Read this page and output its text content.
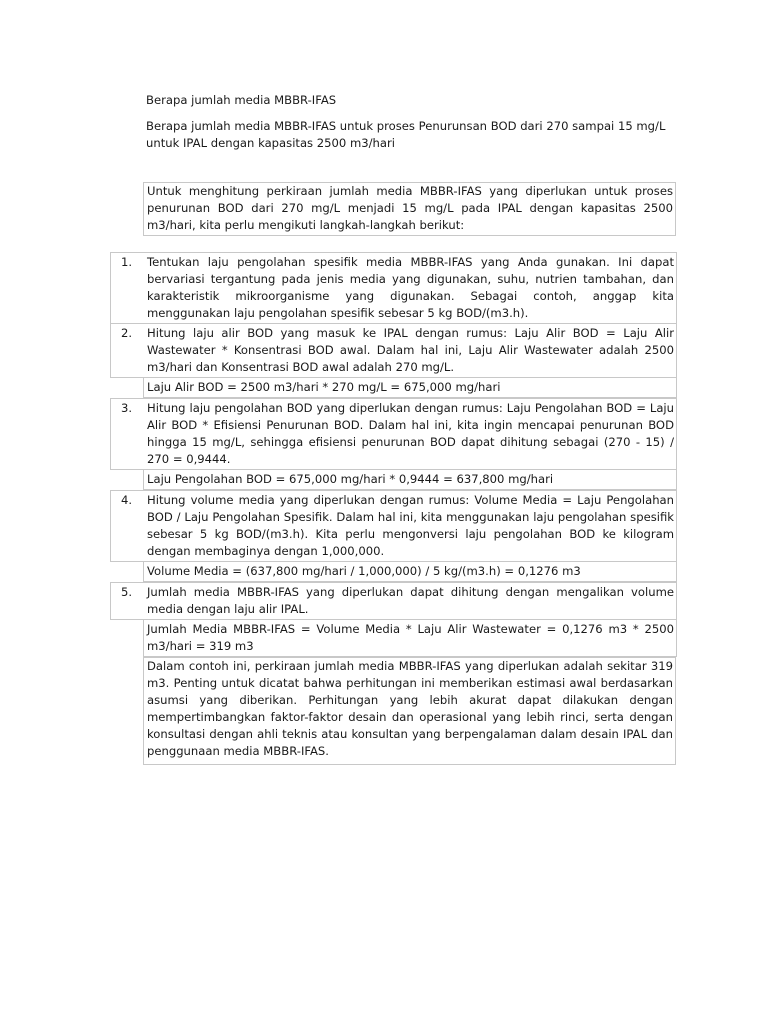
Berapa jumlah media MBBR-IFAS
Berapa jumlah media MBBR-IFAS untuk proses Penurunsan BOD dari 270 sampai 15 mg/L untuk IPAL dengan kapasitas 2500 m3/hari

Untuk menghitung perkiraan jumlah media MBBR-IFAS yang diperlukan untuk proses penurunan BOD dari 270 mg/L menjadi 15 mg/L pada IPAL dengan kapasitas 2500 m3/hari, kita perlu mengikuti langkah-langkah berikut:

1. Tentukan laju pengolahan spesifik media MBBR-IFAS yang Anda gunakan. Ini dapat bervariasi tergantung pada jenis media yang digunakan, suhu, nutrien tambahan, dan karakteristik mikroorganisme yang digunakan. Sebagai contoh, anggap kita menggunakan laju pengolahan spesifik sebesar 5 kg BOD/(m3.h).
2. Hitung laju alir BOD yang masuk ke IPAL dengan rumus: Laju Alir BOD = Laju Alir Wastewater * Konsentrasi BOD awal. Dalam hal ini, Laju Alir Wastewater adalah 2500 m3/hari dan Konsentrasi BOD awal adalah 270 mg/L.
Laju Alir BOD = 2500 m3/hari * 270 mg/L = 675,000 mg/hari
3. Hitung laju pengolahan BOD yang diperlukan dengan rumus: Laju Pengolahan BOD = Laju Alir BOD * Efisiensi Penurunan BOD. Dalam hal ini, kita ingin mencapai penurunan BOD hingga 15 mg/L, sehingga efisiensi penurunan BOD dapat dihitung sebagai (270 - 15) / 270 = 0,9444.
Laju Pengolahan BOD = 675,000 mg/hari * 0,9444 = 637,800 mg/hari
4. Hitung volume media yang diperlukan dengan rumus: Volume Media = Laju Pengolahan BOD / Laju Pengolahan Spesifik. Dalam hal ini, kita menggunakan laju pengolahan spesifik sebesar 5 kg BOD/(m3.h). Kita perlu mengonversi laju pengolahan BOD ke kilogram dengan membaginya dengan 1,000,000.
Volume Media = (637,800 mg/hari / 1,000,000) / 5 kg/(m3.h) = 0,1276 m3
5. Jumlah media MBBR-IFAS yang diperlukan dapat dihitung dengan mengalikan volume media dengan laju alir IPAL.
Jumlah Media MBBR-IFAS = Volume Media * Laju Alir Wastewater = 0,1276 m3 * 2500 m3/hari = 319 m3

Dalam contoh ini, perkiraan jumlah media MBBR-IFAS yang diperlukan adalah sekitar 319 m3. Penting untuk dicatat bahwa perhitungan ini memberikan estimasi awal berdasarkan asumsi yang diberikan. Perhitungan yang lebih akurat dapat dilakukan dengan mempertimbangkan faktor-faktor desain dan operasional yang lebih rinci, serta dengan konsultasi dengan ahli teknis atau konsultan yang berpengalaman dalam desain IPAL dan penggunaan media MBBR-IFAS.
